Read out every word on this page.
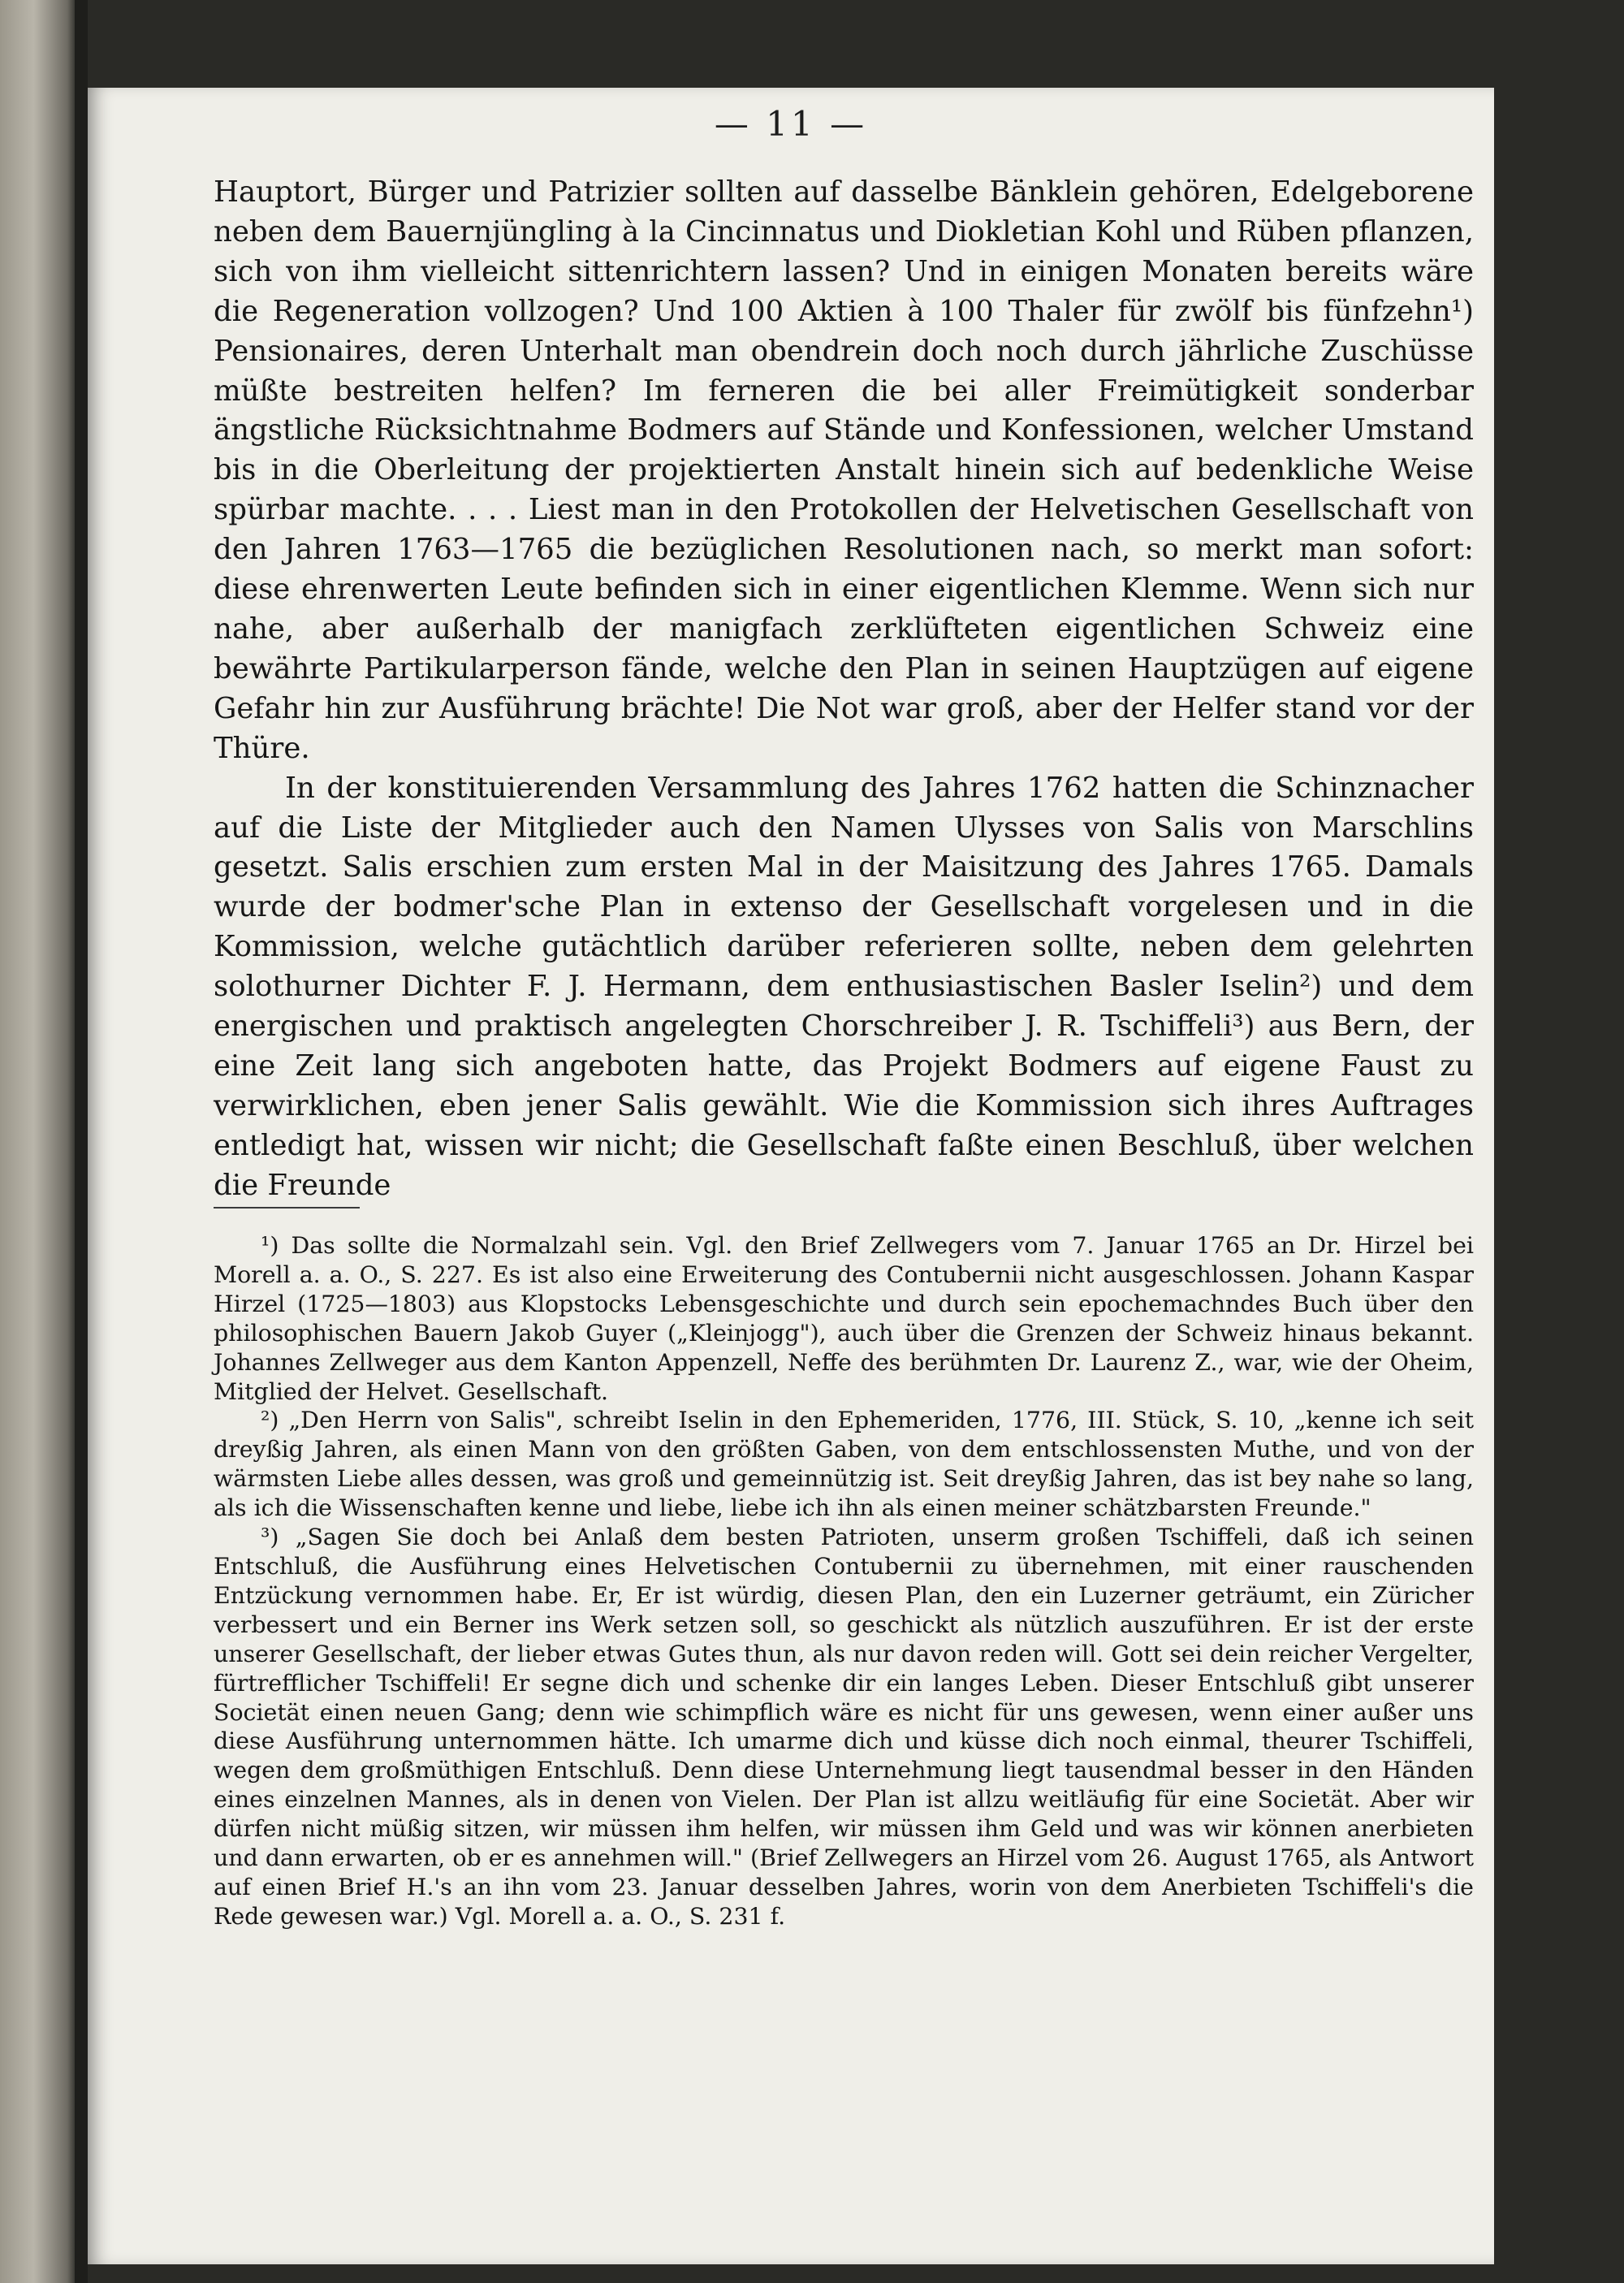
— 11 —

Hauptort, Bürger und Patrizier sollten auf dasselbe Bänklein gehören, Edelgeborene neben dem Bauernjüngling à la Cincinnatus und Diokletian Kohl und Rüben pflanzen, sich von ihm vielleicht sittenrichtern lassen? Und in einigen Monaten bereits wäre die Regeneration vollzogen? Und 100 Aktien à 100 Thaler für zwölf bis fünfzehn¹) Pensionaires, deren Unterhalt man obendrein doch noch durch jährliche Zuschüsse müßte bestreiten helfen? Im ferneren die bei aller Freimütigkeit sonderbar ängstliche Rücksichtnahme Bodmers auf Stände und Konfessionen, welcher Umstand bis in die Oberleitung der projektierten Anstalt hinein sich auf bedenkliche Weise spürbar machte. . . . Liest man in den Protokollen der Helvetischen Gesellschaft von den Jahren 1763—1765 die bezüglichen Resolutionen nach, so merkt man sofort: diese ehrenwerten Leute befinden sich in einer eigentlichen Klemme. Wenn sich nur nahe, aber außerhalb der manigfach zerklüfteten eigentlichen Schweiz eine bewährte Partikularperson fände, welche den Plan in seinen Hauptzügen auf eigene Gefahr hin zur Ausführung brächte! Die Not war groß, aber der Helfer stand vor der Thüre.

In der konstituierenden Versammlung des Jahres 1762 hatten die Schinznacher auf die Liste der Mitglieder auch den Namen Ulysses von Salis von Marschlins gesetzt. Salis erschien zum ersten Mal in der Maisitzung des Jahres 1765. Damals wurde der bodmer'sche Plan in extenso der Gesellschaft vorgelesen und in die Kommission, welche gutächtlich darüber referieren sollte, neben dem gelehrten solothurner Dichter F. J. Hermann, dem enthusiastischen Basler Iselin²) und dem energischen und praktisch angelegten Chorschreiber J. R. Tschiffeli³) aus Bern, der eine Zeit lang sich angeboten hatte, das Projekt Bodmers auf eigene Faust zu verwirklichen, eben jener Salis gewählt. Wie die Kommission sich ihres Auftrages entledigt hat, wissen wir nicht; die Gesellschaft faßte einen Beschluß, über welchen die Freunde

¹) Das sollte die Normalzahl sein. Vgl. den Brief Zellwegers vom 7. Januar 1765 an Dr. Hirzel bei Morell a. a. O., S. 227. Es ist also eine Erweiterung des Contubernii nicht ausgeschlossen. Johann Kaspar Hirzel (1725—1803) aus Klopstocks Lebensgeschichte und durch sein epochemachndes Buch über den philosophischen Bauern Jakob Guyer („Kleinjogg"), auch über die Grenzen der Schweiz hinaus bekannt. Johannes Zellweger aus dem Kanton Appenzell, Neffe des berühmten Dr. Laurenz Z., war, wie der Oheim, Mitglied der Helvet. Gesellschaft.

²) „Den Herrn von Salis", schreibt Iselin in den Ephemeriden, 1776, III. Stück, S. 10, „kenne ich seit dreyßig Jahren, als einen Mann von den größten Gaben, von dem entschlossensten Muthe, und von der wärmsten Liebe alles dessen, was groß und gemeinnützig ist. Seit dreyßig Jahren, das ist bey nahe so lang, als ich die Wissenschaften kenne und liebe, liebe ich ihn als einen meiner schätzbarsten Freunde."

³) „Sagen Sie doch bei Anlaß dem besten Patrioten, unserm großen Tschiffeli, daß ich seinen Entschluß, die Ausführung eines Helvetischen Contubernii zu übernehmen, mit einer rauschenden Entzückung vernommen habe. Er, Er ist würdig, diesen Plan, den ein Luzerner geträumt, ein Züricher verbessert und ein Berner ins Werk setzen soll, so geschickt als nützlich auszuführen. Er ist der erste unserer Gesellschaft, der lieber etwas Gutes thun, als nur davon reden will. Gott sei dein reicher Vergelter, fürtrefflicher Tschiffeli! Er segne dich und schenke dir ein langes Leben. Dieser Entschluß gibt unserer Societät einen neuen Gang; denn wie schimpflich wäre es nicht für uns gewesen, wenn einer außer uns diese Ausführung unternommen hätte. Ich umarme dich und küsse dich noch einmal, theurer Tschiffeli, wegen dem großmüthigen Entschluß. Denn diese Unternehmung liegt tausendmal besser in den Händen eines einzelnen Mannes, als in denen von Vielen. Der Plan ist allzu weitläufig für eine Societät. Aber wir dürfen nicht müßig sitzen, wir müssen ihm helfen, wir müssen ihm Geld und was wir können anerbieten und dann erwarten, ob er es annehmen will." (Brief Zellwegers an Hirzel vom 26. August 1765, als Antwort auf einen Brief H.'s an ihn vom 23. Januar desselben Jahres, worin von dem Anerbieten Tschiffeli's die Rede gewesen war.) Vgl. Morell a. a. O., S. 231 f.
